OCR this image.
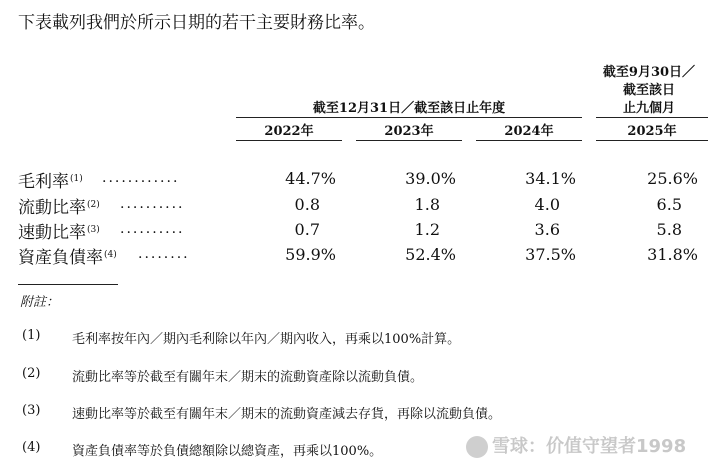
下表載列我們於所示日期的若干主要財務比率。
截至9月30日／
截至該日
止九個月
截至12月31日／截至該日止年度
2022年	2023年	2024年	2025年
毛利率$^{(1)}$ ............	44.7%	39.0%	34.1%	25.6%
流動比率$^{(2)}$ ..........	0.8	1.8	4.0	6.5
速動比率$^{(3)}$ ..........	0.7	1.2	3.6	5.8
資產負債率$^{(4)}$ ........	59.9%	52.4%	37.5%	31.8%
附註：
(1) 毛利率按年內／期內毛利除以年內／期內收入，再乘以100%計算。
(2) 流動比率等於截至有關年末／期末的流動資產除以流動負債。
(3) 速動比率等於截至有關年末／期末的流動資產減去存貨，再除以流動負債。
(4) 資產負債率等於負債總額除以總資產，再乘以100%。	雪球：价值守望者1998
